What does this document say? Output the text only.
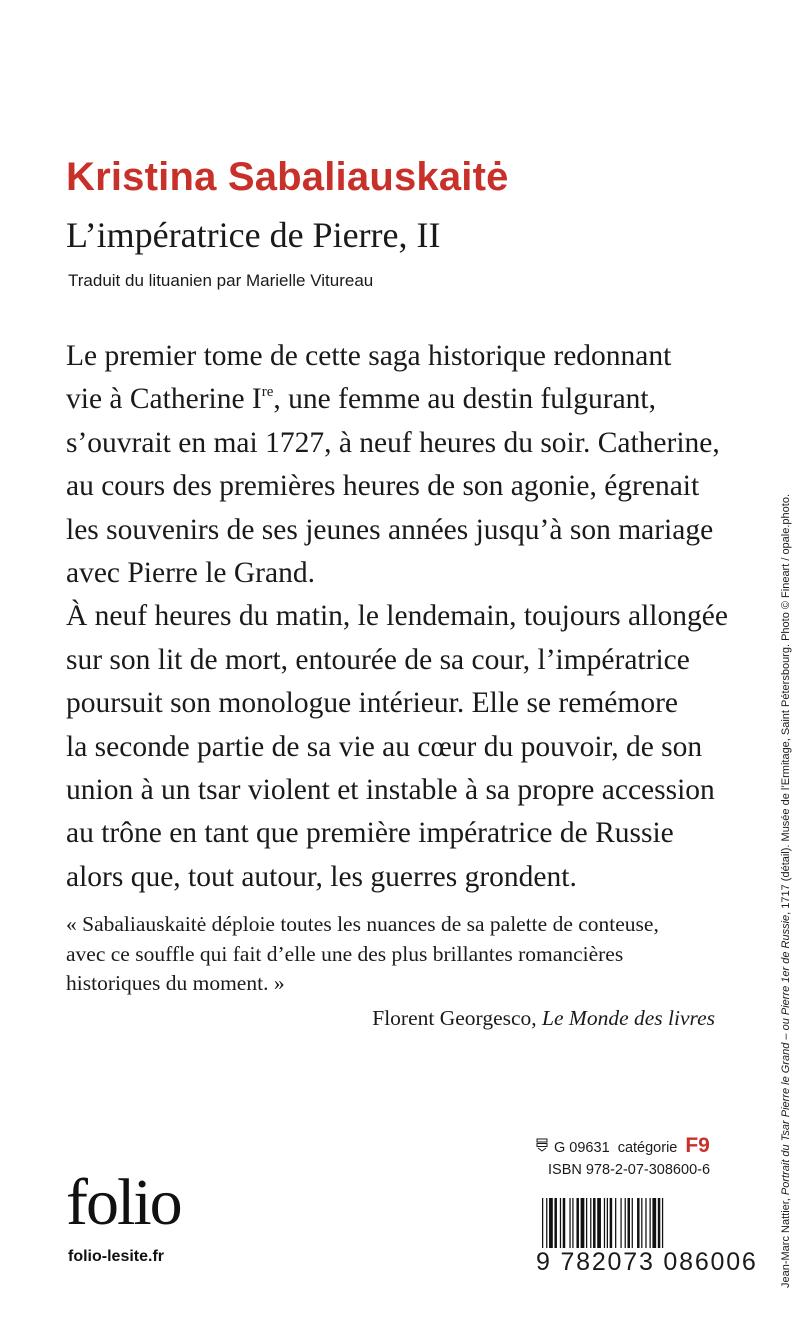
Kristina Sabaliauskaitė
L’impératrice de Pierre, II
Traduit du lituanien par Marielle Vitureau
Le premier tome de cette saga historique redonnant
vie à Catherine Ire, une femme au destin fulgurant,
s’ouvrait en mai 1727, à neuf heures du soir. Catherine,
au cours des premières heures de son agonie, égrenait
les souvenirs de ses jeunes années jusqu’à son mariage
avec Pierre le Grand.
À neuf heures du matin, le lendemain, toujours allongée
sur son lit de mort, entourée de sa cour, l’impératrice
poursuit son monologue intérieur. Elle se remémore
la seconde partie de sa vie au cœur du pouvoir, de son
union à un tsar violent et instable à sa propre accession
au trône en tant que première impératrice de Russie
alors que, tout autour, les guerres grondent.
« Sabaliauskaitė déploie toutes les nuances de sa palette de conteuse,
avec ce souffle qui fait d’elle une des plus brillantes romancières
historiques du moment. »
Florent Georgesco, Le Monde des livres
G 09631
catégorie F9
ISBN 978-2-07-308600-6
folio
folio-lesite.fr	9 782073 086006 Jean-Marc Nattier, Portrait du Tsar Pierre le Grand – ou Pierre 1er de Russie, 1717 (détail). Musée de l’Ermitage, Saint Pétersbourg. Photo © Fineart / opale.photo.
